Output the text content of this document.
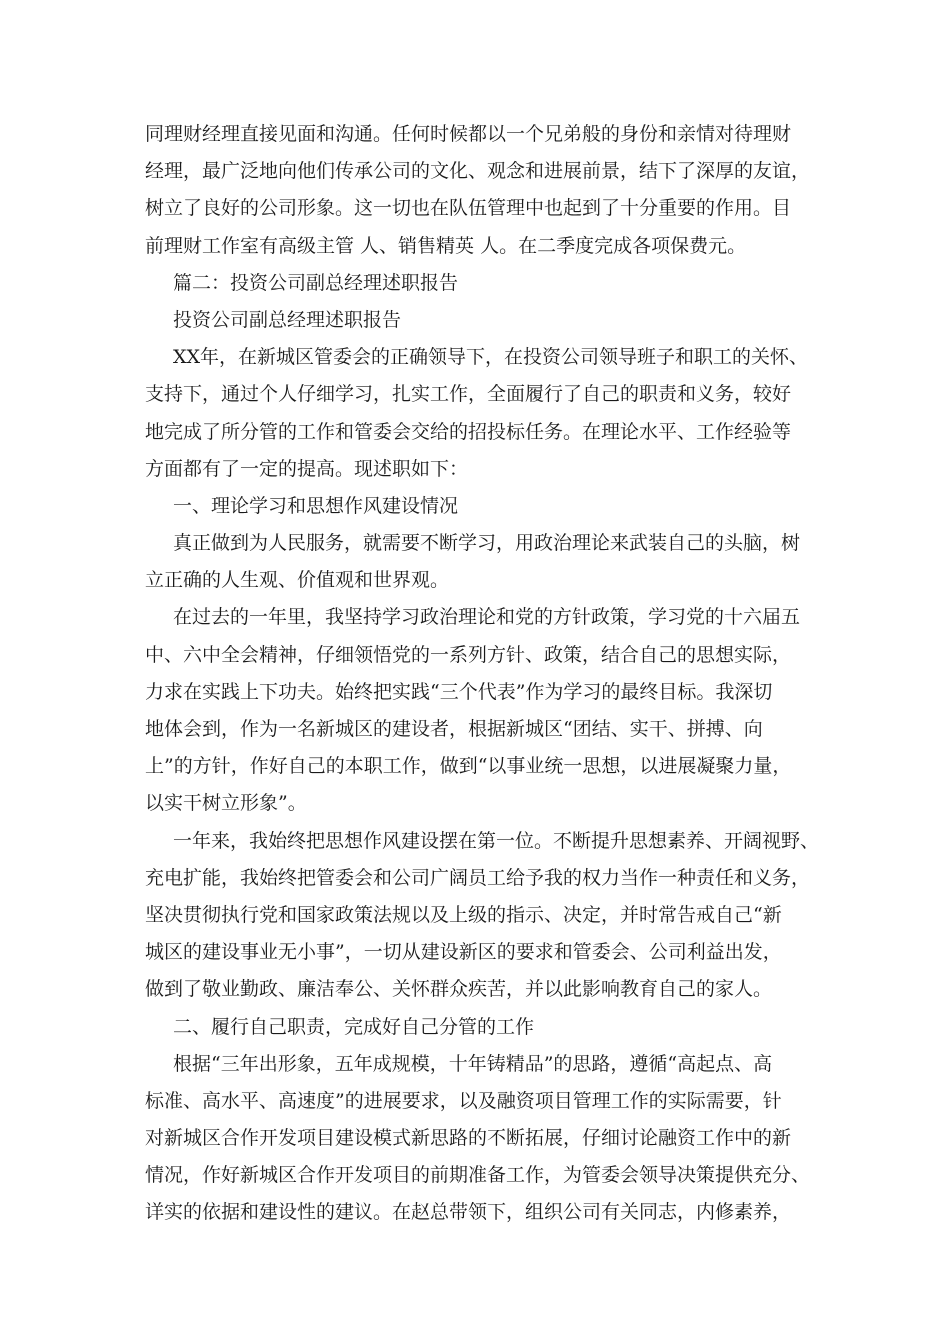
同理财经理直接见面和沟通。任何时候都以一个兄弟般的身份和亲情对待理财
经理，最广泛地向他们传承公司的文化、观念和进展前景，结下了深厚的友谊，
树立了良好的公司形象。这一切也在队伍管理中也起到了十分重要的作用。目
前理财工作室有高级主管 人、销售精英 人。在二季度完成各项保费元。
篇二：投资公司副总经理述职报告
投资公司副总经理述职报告
XX年，在新城区管委会的正确领导下，在投资公司领导班子和职工的关怀、
支持下，通过个人仔细学习，扎实工作，全面履行了自己的职责和义务，较好
地完成了所分管的工作和管委会交给的招投标任务。在理论水平、工作经验等
方面都有了一定的提高。现述职如下：
一、理论学习和思想作风建设情况
真正做到为人民服务，就需要不断学习，用政治理论来武装自己的头脑，树
立正确的人生观、价值观和世界观。
在过去的一年里，我坚持学习政治理论和党的方针政策，学习党的十六届五
中、六中全会精神，仔细领悟党的一系列方针、政策，结合自己的思想实际，
力求在实践上下功夫。始终把实践“三个代表”作为学习的最终目标。我深切
地体会到，作为一名新城区的建设者，根据新城区“团结、实干、拼搏、向
上”的方针，作好自己的本职工作，做到“以事业统一思想，以进展凝聚力量，
以实干树立形象”。
一年来，我始终把思想作风建设摆在第一位。不断提升思想素养、开阔视野、
充电扩能，我始终把管委会和公司广阔员工给予我的权力当作一种责任和义务，
坚决贯彻执行党和国家政策法规以及上级的指示、决定，并时常告戒自己“新
城区的建设事业无小事”，一切从建设新区的要求和管委会、公司利益出发，
做到了敬业勤政、廉洁奉公、关怀群众疾苦，并以此影响教育自己的家人。
二、履行自己职责，完成好自己分管的工作
根据“三年出形象，五年成规模，十年铸精品”的思路，遵循“高起点、高
标准、高水平、高速度”的进展要求，以及融资项目管理工作的实际需要，针
对新城区合作开发项目建设模式新思路的不断拓展，仔细讨论融资工作中的新
情况，作好新城区合作开发项目的前期准备工作，为管委会领导决策提供充分、
详实的依据和建设性的建议。在赵总带领下，组织公司有关同志，内修素养，
